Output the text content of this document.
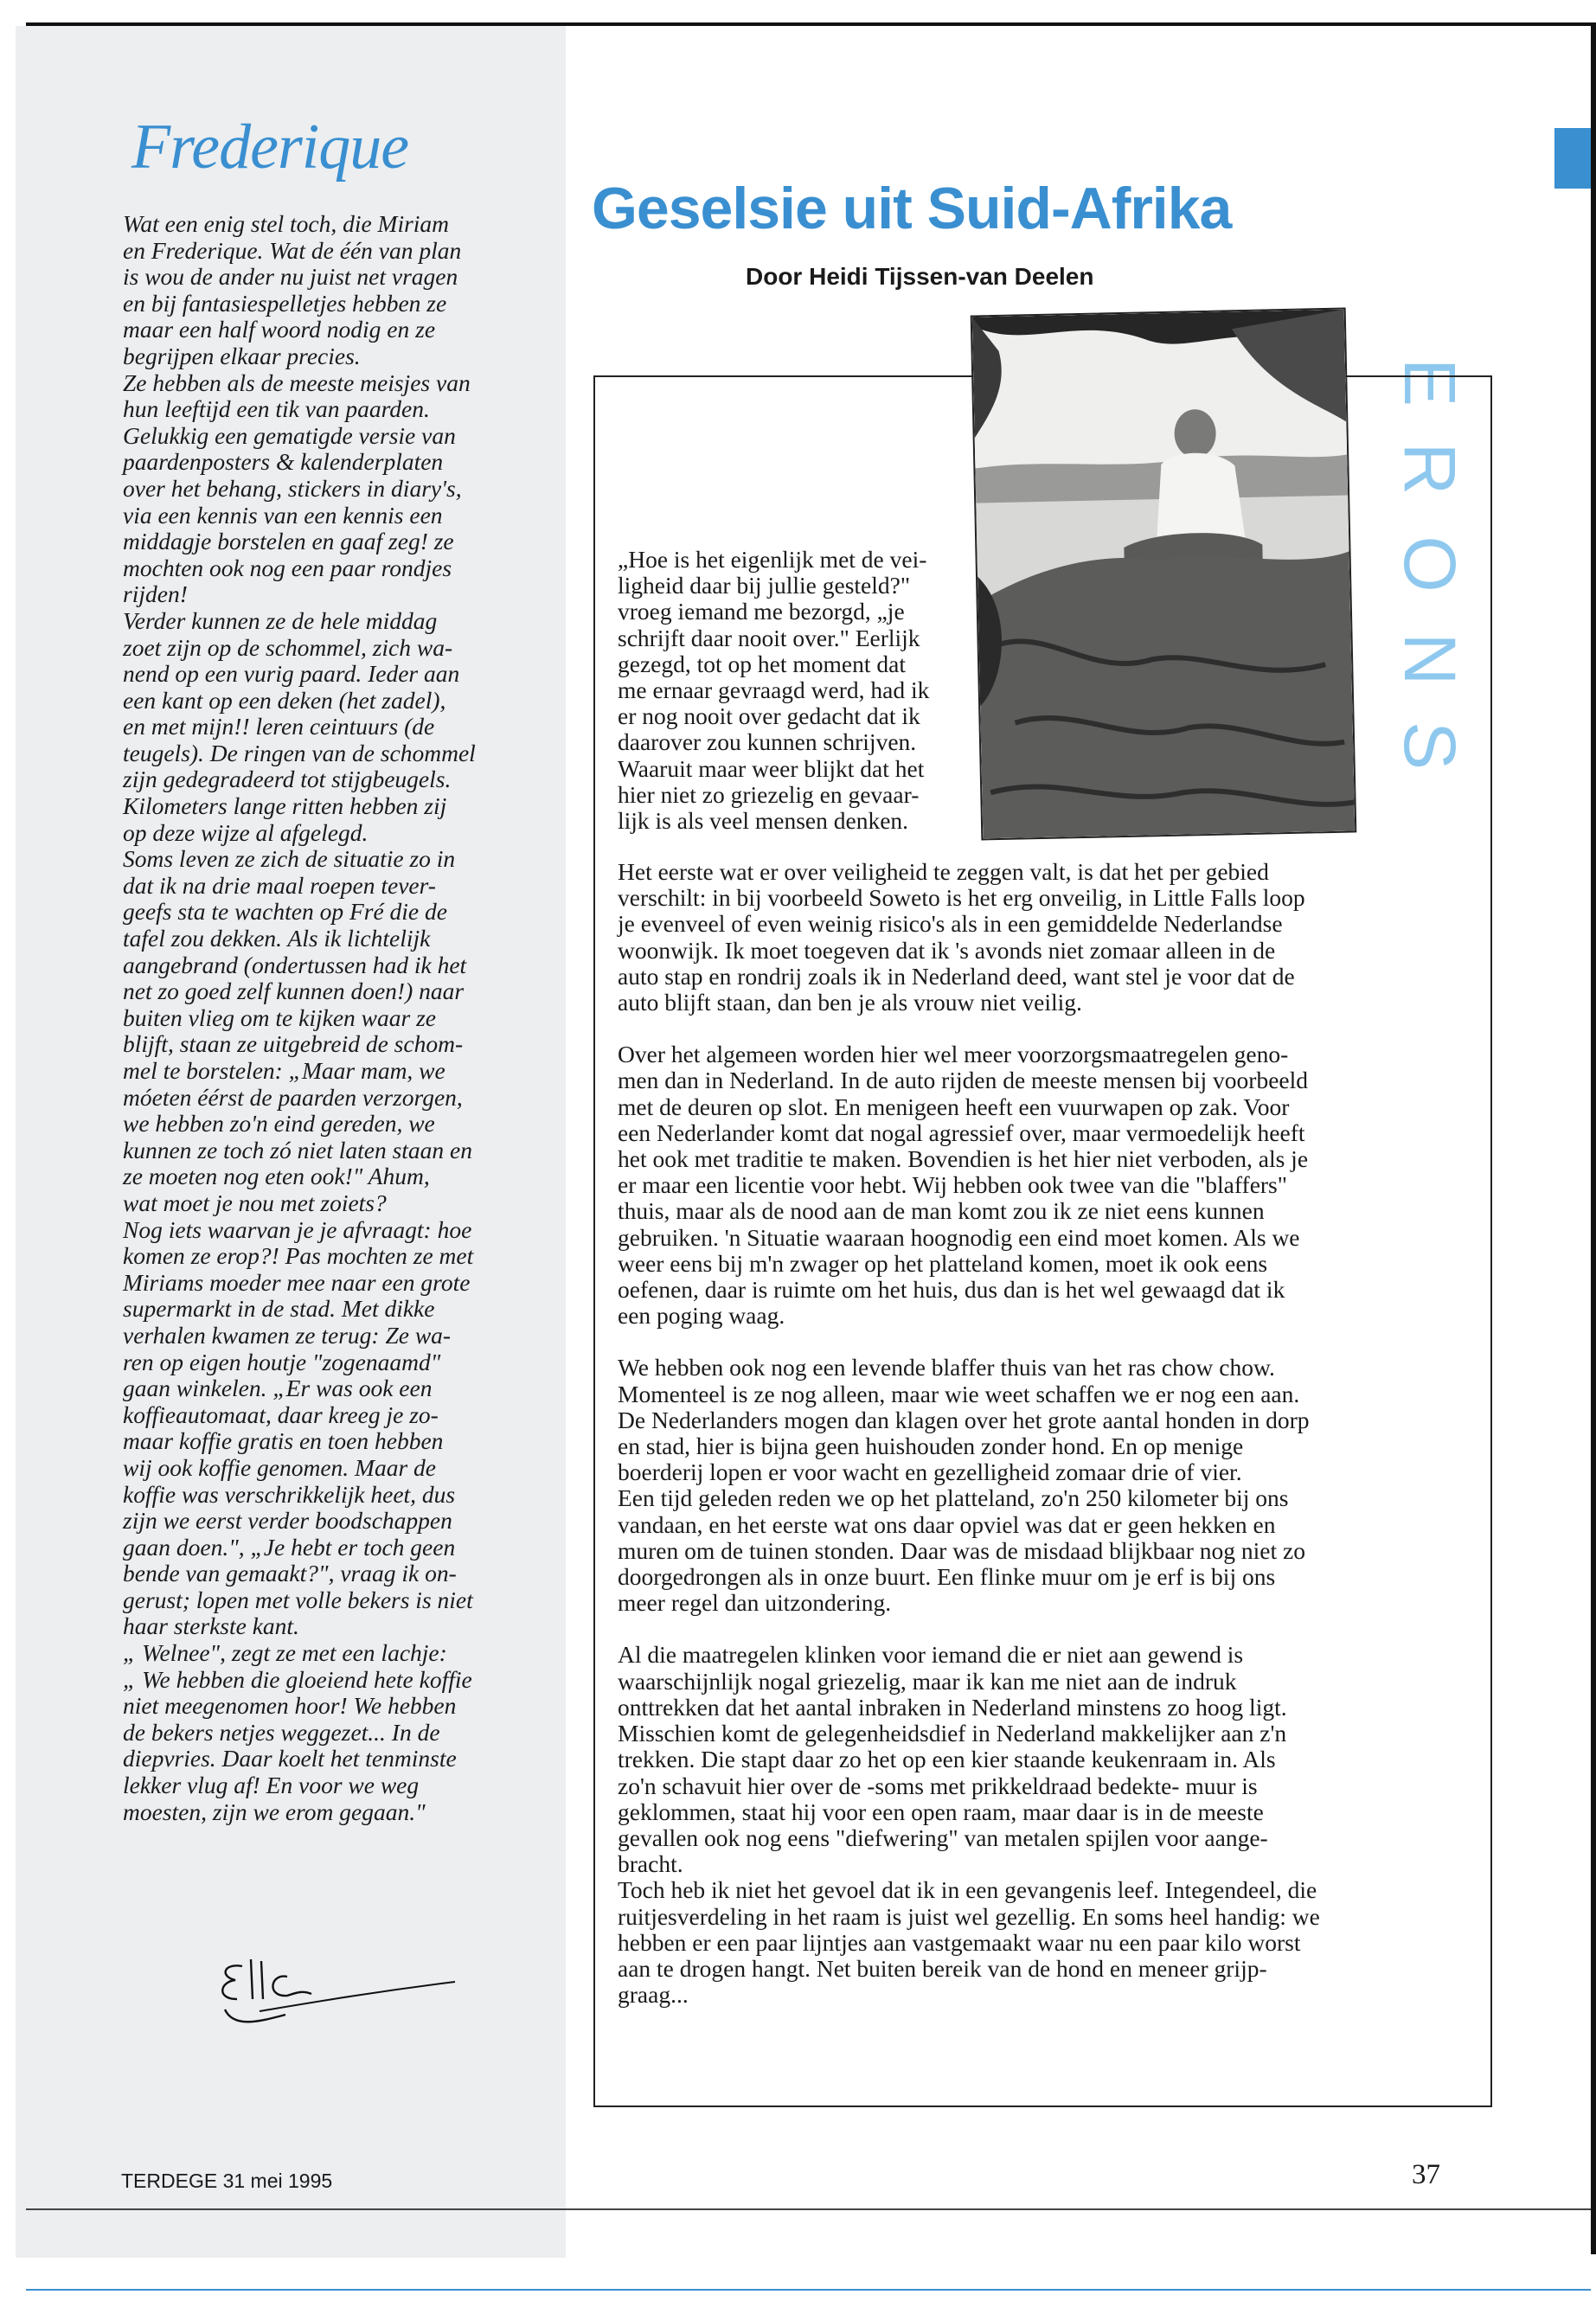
Frederique

Wat een enig stel toch, die Miriam
en Frederique. Wat de één van plan
is wou de ander nu juist net vragen
en bij fantasiespelletjes hebben ze
maar een half woord nodig en ze
begrijpen elkaar precies.

Ze hebben als de meeste meisjes van
hun leeftijd een tik van paarden.

Gelukkig een gematigde versie van
paardenposters & kalenderplaten
over het behang, stickers in diary's,
via een kennis van een kennis een
middagje borstelen en gaaf zeg! ze
mochten ook nog een paar rondjes
rijden!

Verder kunnen ze de hele middag
zoet zijn op de schommel, zich wa-
nend op een vurig paard. Ieder aan
een kant op een deken (het zadel),
en met mijn!! leren ceintuurs (de
teugels). De ringen van de schommel
zijn gedegradeerd tot stijgbeugels.

Kilometers lange ritten hebben zij
op deze wijze al afgelegd.

Soms leven ze zich de situatie zo in
dat ik na drie maal roepen tever-
geefs sta te wachten op Fré die de
tafel zou dekken. Als ik lichtelijk
aangebrand (ondertussen had ik het
net zo goed zelf kunnen doen!) naar
buiten vlieg om te kijken waar ze
blijft, staan ze uitgebreid de schom-
mel te borstelen: „Maar mam, we
móeten éérst de paarden verzorgen,
we hebben zo'n eind gereden, we
kunnen ze toch zó niet laten staan en
ze moeten nog eten ook!" Ahum,
wat moet je nou met zoiets?

Nog iets waarvan je je afvraagt: hoe
komen ze erop?! Pas mochten ze met
Miriams moeder mee naar een grote
supermarkt in de stad. Met dikke
verhalen kwamen ze terug: Ze wa-
ren op eigen houtje "zogenaamd"
gaan winkelen. „Er was ook een
koffieautomaat, daar kreeg je zo-
maar koffie gratis en toen hebben
wij ook koffie genomen. Maar de
koffie was verschrikkelijk heet, dus
zijn we eerst verder boodschappen
gaan doen.", „Je hebt er toch geen
bende van gemaakt?", vraag ik on-
gerust; lopen met volle bekers is niet
haar sterkste kant.

„ Welnee", zegt ze met een lachje:
„ We hebben die gloeiend hete koffie
niet meegenomen hoor! We hebben
de bekers netjes weggezet... In de
diepvries. Daar koelt het tenminste
lekker vlug af! En voor we weg
moesten, zijn we erom gegaan."

E
R
O
N
S
Geselsie uit Suid-Afrika
Door Heidi Tijssen-van Deelen

„Hoe is het eigenlijk met de vei-
ligheid daar bij jullie gesteld?"
vroeg iemand me bezorgd, „je
schrijft daar nooit over." Eerlijk
gezegd, tot op het moment dat
me ernaar gevraagd werd, had ik
er nog nooit over gedacht dat ik
daarover zou kunnen schrijven.
Waaruit maar weer blijkt dat het
hier niet zo griezelig en gevaar-
lijk is als veel mensen denken.

Het eerste wat er over veiligheid te zeggen valt, is dat het per gebied
verschilt: in bij voorbeeld Soweto is het erg onveilig, in Little Falls loop
je evenveel of even weinig risico's als in een gemiddelde Nederlandse
woonwijk. Ik moet toegeven dat ik 's avonds niet zomaar alleen in de
auto stap en rondrij zoals ik in Nederland deed, want stel je voor dat de
auto blijft staan, dan ben je als vrouw niet veilig.

Over het algemeen worden hier wel meer voorzorgsmaatregelen geno-
men dan in Nederland. In de auto rijden de meeste mensen bij voorbeeld
met de deuren op slot. En menigeen heeft een vuurwapen op zak. Voor
een Nederlander komt dat nogal agressief over, maar vermoedelijk heeft
het ook met traditie te maken. Bovendien is het hier niet verboden, als je
er maar een licentie voor hebt. Wij hebben ook twee van die "blaffers"
thuis, maar als de nood aan de man komt zou ik ze niet eens kunnen
gebruiken. 'n Situatie waaraan hoognodig een eind moet komen. Als we
weer eens bij m'n zwager op het platteland komen, moet ik ook eens
oefenen, daar is ruimte om het huis, dus dan is het wel gewaagd dat ik
een poging waag.

We hebben ook nog een levende blaffer thuis van het ras chow chow.
Momenteel is ze nog alleen, maar wie weet schaffen we er nog een aan.
De Nederlanders mogen dan klagen over het grote aantal honden in dorp
en stad, hier is bijna geen huishouden zonder hond. En op menige
boerderij lopen er voor wacht en gezelligheid zomaar drie of vier.
Een tijd geleden reden we op het platteland, zo'n 250 kilometer bij ons
vandaan, en het eerste wat ons daar opviel was dat er geen hekken en
muren om de tuinen stonden. Daar was de misdaad blijkbaar nog niet zo
doorgedrongen als in onze buurt. Een flinke muur om je erf is bij ons
meer regel dan uitzondering.

Al die maatregelen klinken voor iemand die er niet aan gewend is
waarschijnlijk nogal griezelig, maar ik kan me niet aan de indruk
onttrekken dat het aantal inbraken in Nederland minstens zo hoog ligt.
Misschien komt de gelegenheidsdief in Nederland makkelijker aan z'n
trekken. Die stapt daar zo het op een kier staande keukenraam in. Als
zo'n schavuit hier over de -soms met prikkeldraad bedekte- muur is
geklommen, staat hij voor een open raam, maar daar is in de meeste
gevallen ook nog eens "diefwering" van metalen spijlen voor aange-
bracht.
Toch heb ik niet het gevoel dat ik in een gevangenis leef. Integendeel, die
ruitjesverdeling in het raam is juist wel gezellig. En soms heel handig: we
hebben er een paar lijntjes aan vastgemaakt waar nu een paar kilo worst
aan te drogen hangt. Net buiten bereik van de hond en meneer grijp-
graag...

TERDEGE 31 mei 1995	37
